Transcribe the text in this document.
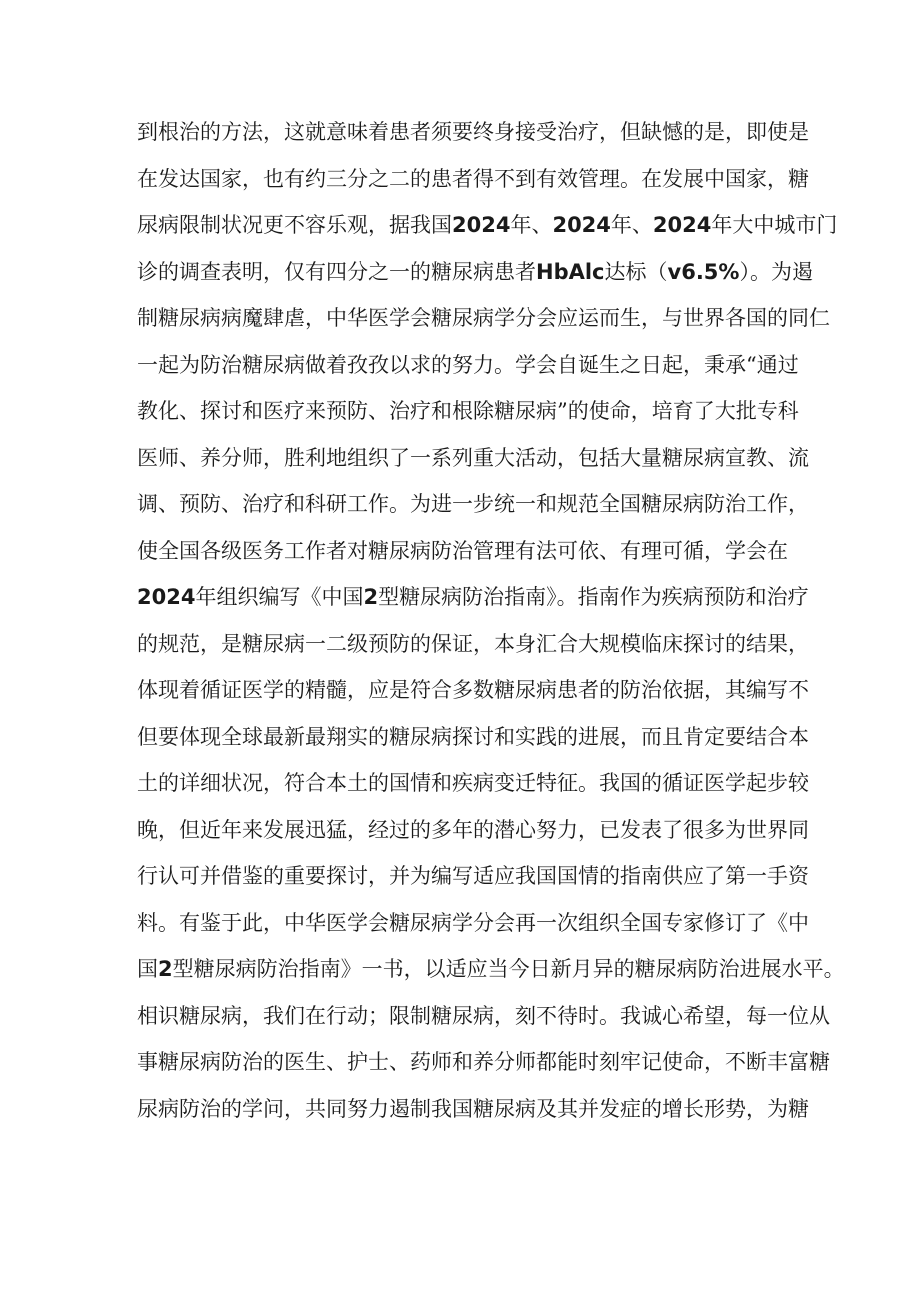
到根治的方法，这就意味着患者须要终身接受治疗，但缺憾的是，即使是
在发达国家，也有约三分之二的患者得不到有效管理。在发展中国家，糖
尿病限制状况更不容乐观，据我国2024年、2024年、2024年大中城市门
诊的调查表明，仅有四分之一的糖尿病患者HbAlc达标（v6.5%）。为遏
制糖尿病病魔肆虐，中华医学会糖尿病学分会应运而生，与世界各国的同仁
一起为防治糖尿病做着孜孜以求的努力。学会自诞生之日起，秉承“通过
教化、探讨和医疗来预防、治疗和根除糖尿病”的使命，培育了大批专科
医师、养分师，胜利地组织了一系列重大活动，包括大量糖尿病宣教、流
调、预防、治疗和科研工作。为进一步统一和规范全国糖尿病防治工作，
使全国各级医务工作者对糖尿病防治管理有法可依、有理可循，学会在
2024年组织编写《中国2型糖尿病防治指南》。指南作为疾病预防和治疗
的规范，是糖尿病一二级预防的保证，本身汇合大规模临床探讨的结果，
体现着循证医学的精髓，应是符合多数糖尿病患者的防治依据，其编写不
但要体现全球最新最翔实的糖尿病探讨和实践的进展，而且肯定要结合本
土的详细状况，符合本土的国情和疾病变迁特征。我国的循证医学起步较
晚，但近年来发展迅猛，经过的多年的潜心努力，已发表了很多为世界同
行认可并借鉴的重要探讨，并为编写适应我国国情的指南供应了第一手资
料。有鉴于此，中华医学会糖尿病学分会再一次组织全国专家修订了《中
国2型糖尿病防治指南》一书，以适应当今日新月异的糖尿病防治进展水平。
相识糖尿病，我们在行动；限制糖尿病，刻不待时。我诚心希望，每一位从
事糖尿病防治的医生、护士、药师和养分师都能时刻牢记使命，不断丰富糖
尿病防治的学问，共同努力遏制我国糖尿病及其并发症的增长形势，为糖
